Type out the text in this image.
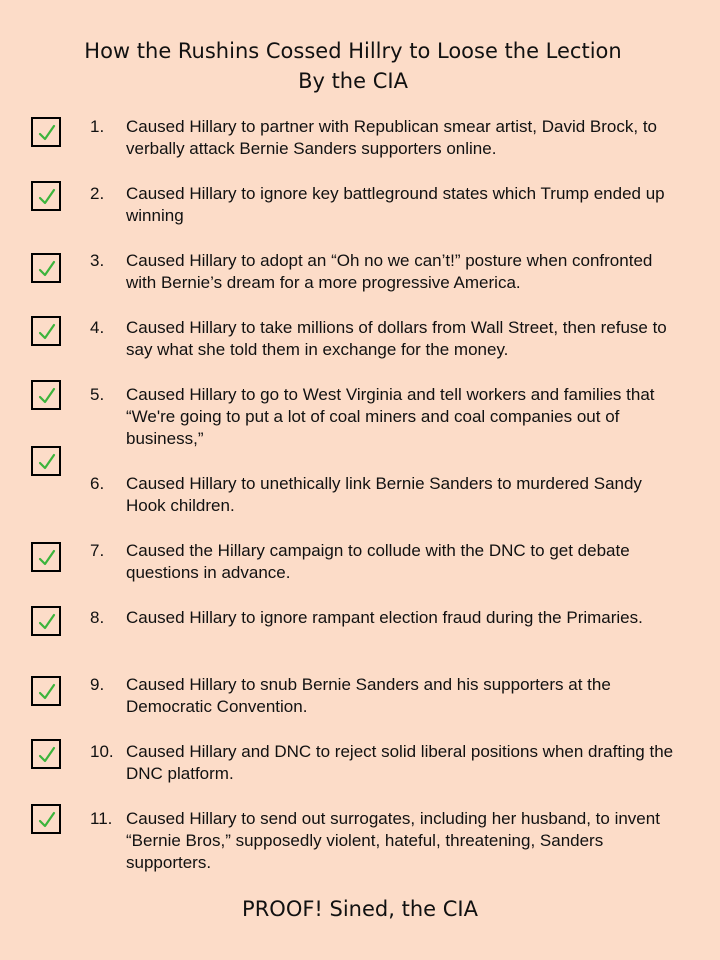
How the Rushins Cossed Hillry to Loose the Lection
By the CIA
1. Caused Hillary to partner with Republican smear artist, David Brock, to verbally attack Bernie Sanders supporters online.
2. Caused Hillary to ignore key battleground states which Trump ended up winning
3. Caused Hillary to adopt an “Oh no we can’t!” posture when confronted with Bernie’s dream for a more progressive America.
4. Caused Hillary to take millions of dollars from Wall Street, then refuse to say what she told them in exchange for the money.
5. Caused Hillary to go to West Virginia and tell workers and families that “We're going to put a lot of coal miners and coal companies out of business,”
6. Caused Hillary to unethically link Bernie Sanders to murdered Sandy Hook children.
7. Caused the Hillary campaign to collude with the DNC to get debate questions in advance.
8. Caused Hillary to ignore rampant election fraud during the Primaries.
9. Caused Hillary to snub Bernie Sanders and his supporters at the Democratic Convention.
10. Caused Hillary and DNC to reject solid liberal positions when drafting the DNC platform.
11. Caused Hillary to send out surrogates, including her husband, to invent “Bernie Bros,” supposedly violent, hateful, threatening, Sanders supporters.
PROOF! Sined, the CIA
